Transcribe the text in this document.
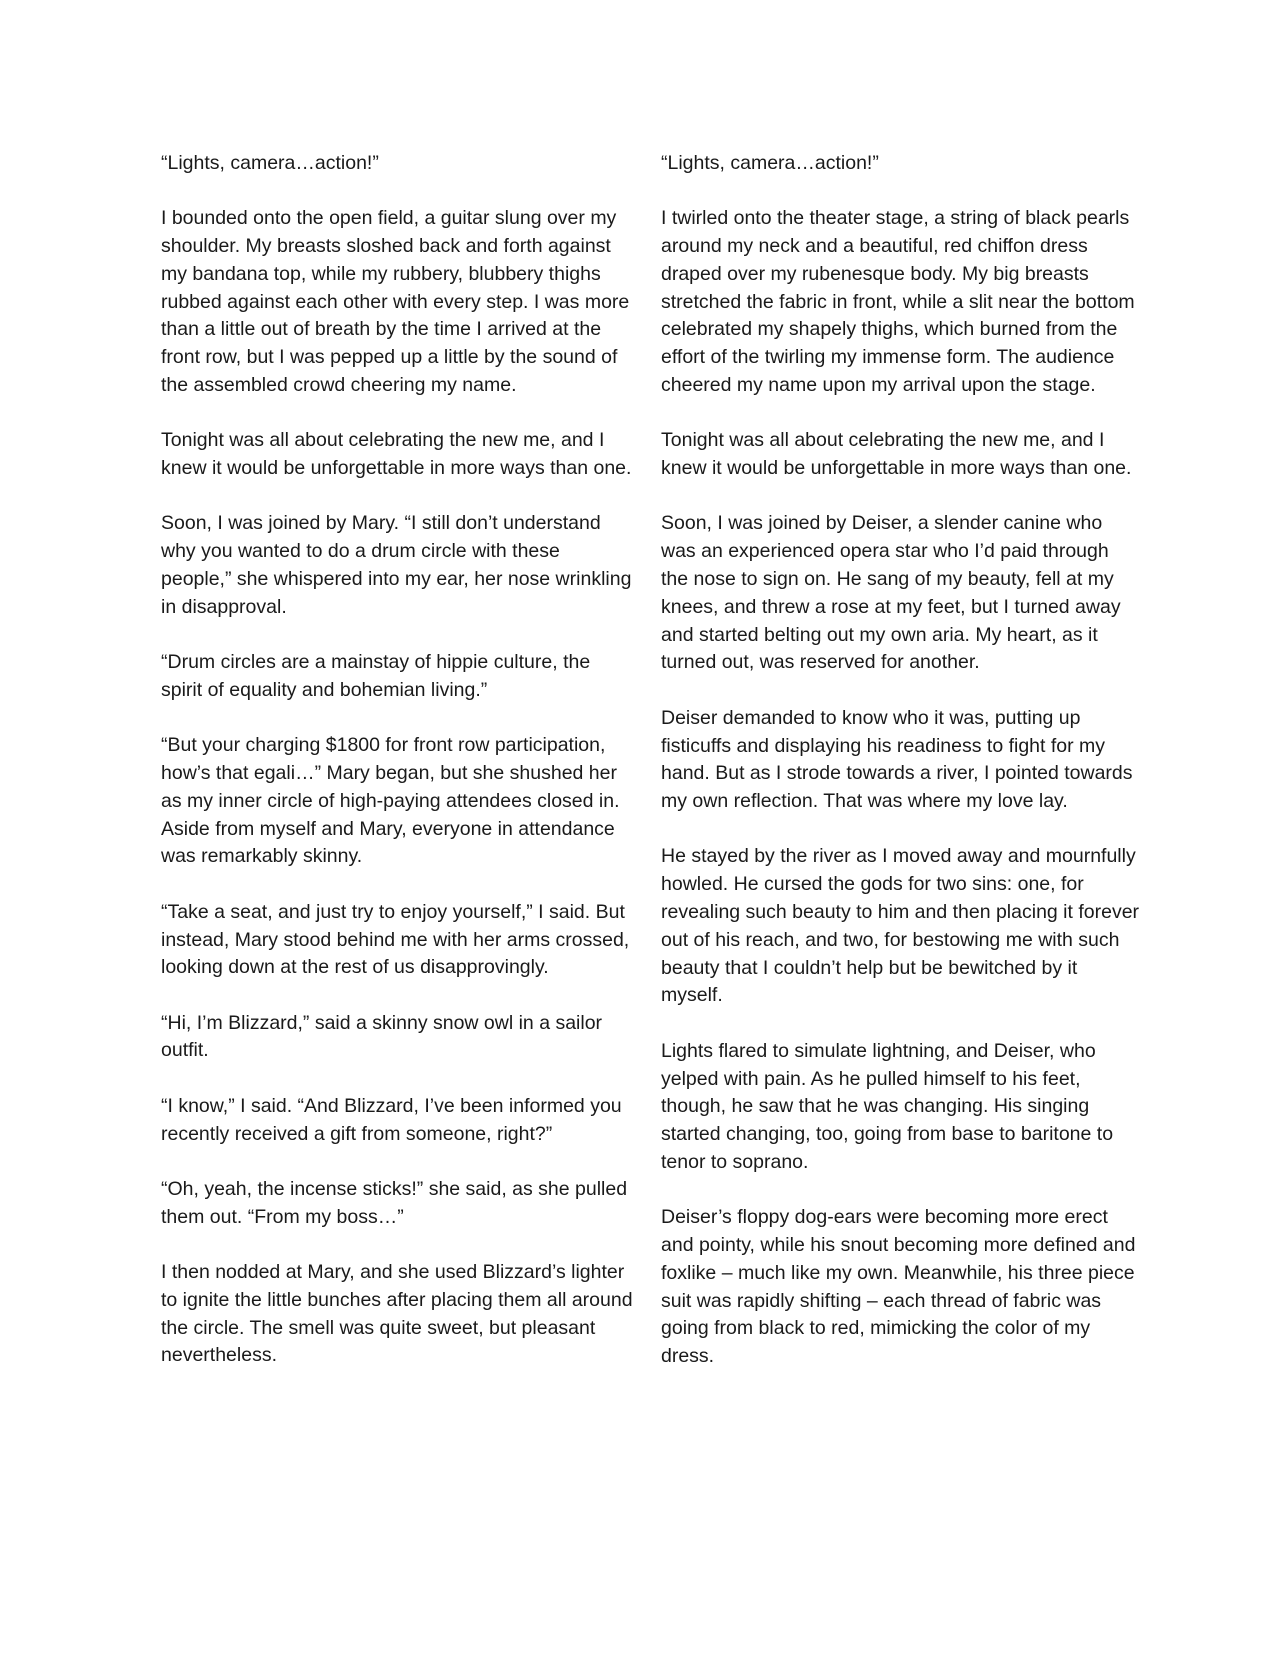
“Lights, camera…action!”

I bounded onto the open field, a guitar slung over my shoulder. My breasts sloshed back and forth against my bandana top, while my rubbery, blubbery thighs rubbed against each other with every step. I was more than a little out of breath by the time I arrived at the front row, but I was pepped up a little by the sound of the assembled crowd cheering my name.

Tonight was all about celebrating the new me, and I knew it would be unforgettable in more ways than one.

Soon, I was joined by Mary. “I still don’t understand why you wanted to do a drum circle with these people,” she whispered into my ear, her nose wrinkling in disapproval.

“Drum circles are a mainstay of hippie culture, the spirit of equality and bohemian living.”

“But your charging $1800 for front row participation, how’s that egali…” Mary began, but she shushed her as my inner circle of high-paying attendees closed in. Aside from myself and Mary, everyone in attendance was remarkably skinny.

“Take a seat, and just try to enjoy yourself,” I said. But instead, Mary stood behind me with her arms crossed, looking down at the rest of us disapprovingly.

“Hi, I’m Blizzard,” said a skinny snow owl in a sailor outfit.

“I know,” I said. “And Blizzard, I’ve been informed you recently received a gift from someone, right?”

“Oh, yeah, the incense sticks!” she said, as she pulled them out. “From my boss…”

I then nodded at Mary, and she used Blizzard’s lighter to ignite the little bunches after placing them all around the circle. The smell was quite sweet, but pleasant nevertheless.

“Lights, camera…action!”

I twirled onto the theater stage, a string of black pearls around my neck and a beautiful, red chiffon dress draped over my rubenesque body. My big breasts stretched the fabric in front, while a slit near the bottom celebrated my shapely thighs, which burned from the effort of the twirling my immense form. The audience cheered my name upon my arrival upon the stage.

Tonight was all about celebrating the new me, and I knew it would be unforgettable in more ways than one.

Soon, I was joined by Deiser, a slender canine who was an experienced opera star who I’d paid through the nose to sign on. He sang of my beauty, fell at my knees, and threw a rose at my feet, but I turned away and started belting out my own aria. My heart, as it turned out, was reserved for another.

Deiser demanded to know who it was, putting up fisticuffs and displaying his readiness to fight for my hand. But as I strode towards a river, I pointed towards my own reflection. That was where my love lay.

He stayed by the river as I moved away and mournfully howled. He cursed the gods for two sins: one, for revealing such beauty to him and then placing it forever out of his reach, and two, for bestowing me with such beauty that I couldn’t help but be bewitched by it myself.

Lights flared to simulate lightning, and Deiser, who yelped with pain. As he pulled himself to his feet, though, he saw that he was changing. His singing started changing, too, going from base to baritone to tenor to soprano.

Deiser’s floppy dog-ears were becoming more erect and pointy, while his snout becoming more defined and foxlike – much like my own. Meanwhile, his three piece suit was rapidly shifting – each thread of fabric was going from black to red, mimicking the color of my dress.
